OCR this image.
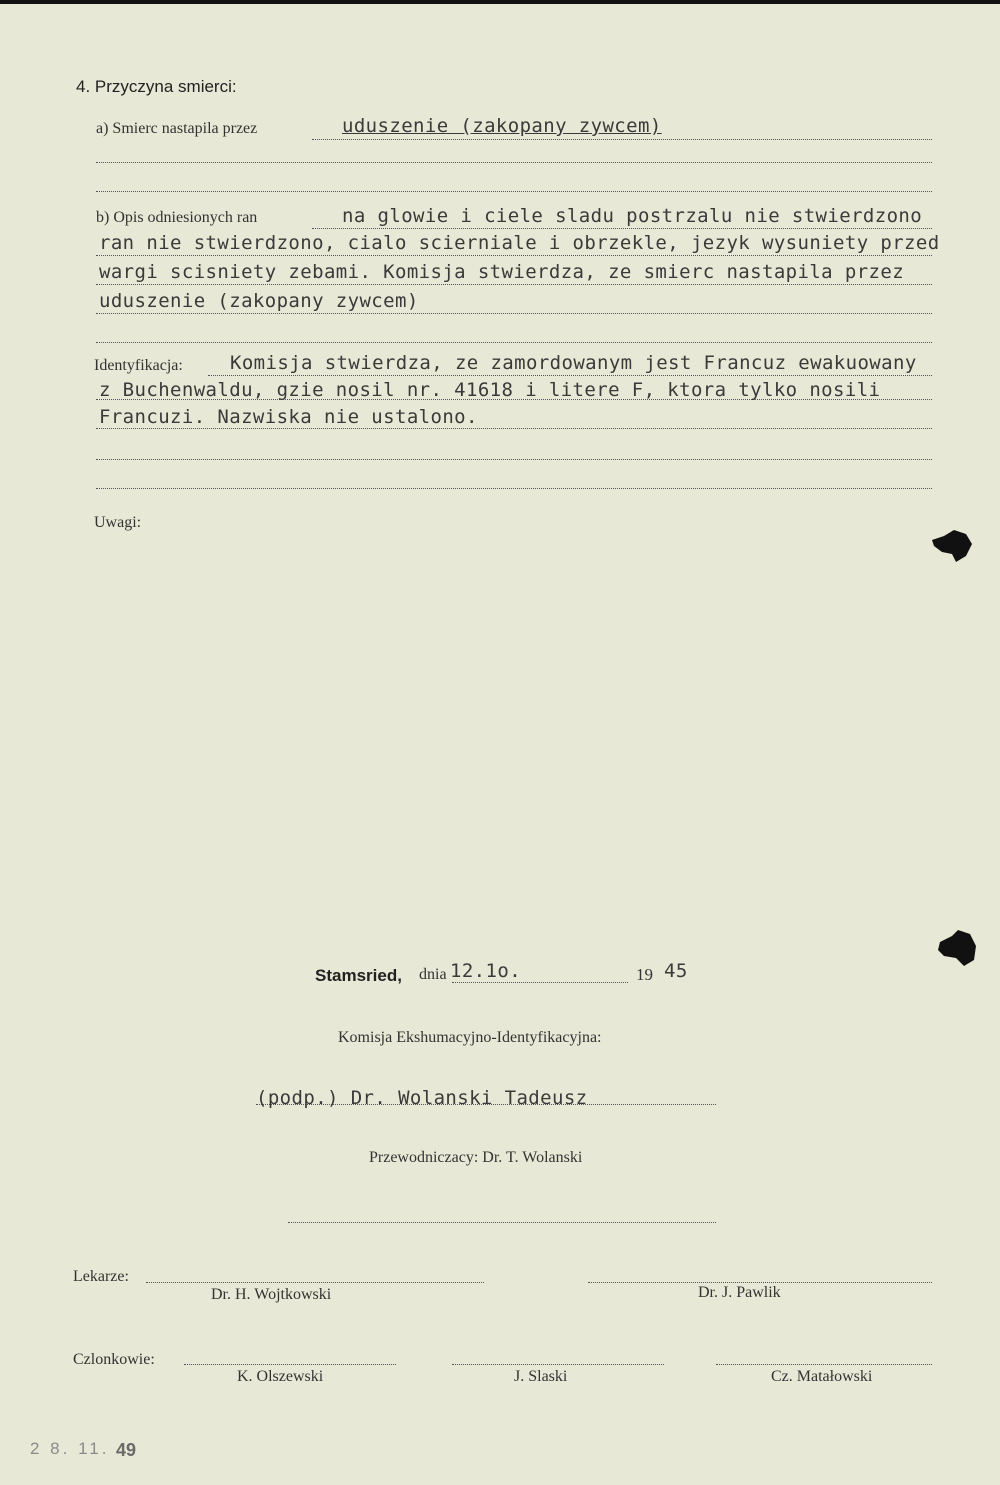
4. Przyczyna smierci:
a) Smierc nastapila przez	uduszenie (zakopany zywcem)
b) Opis odniesionych ran	na glowie i ciele sladu postrzalu nie stwierdzono
ran nie stwierdzono, cialo scierniale i obrzekle, jezyk wysuniety przed
wargi scisniety zebami. Komisja stwierdza, ze smierc nastapila przez
uduszenie (zakopany zywcem)
Identyfikacja: Komisja stwierdza, ze zamordowanym jest Francuz ewakuowany
z Buchenwaldu, gzie nosil nr. 41618 i litere F, ktora tylko nosili
Francuzi. Nazwiska nie ustalono.
Uwagi:
Stamsried, dnia 12.1o.	19 45
Komisja Ekshumacyjno-Identyfikacyjna:
(podp.) Dr. Wolanski Tadeusz
Przewodniczacy: Dr. T. Wolanski
Lekarze:
Dr. H. Wojtkowski	Dr. J. Pawlik
Czlonkowie:
K. Olszewski	J. Slaski	Cz. Matałowski
2 8. 11. 49
